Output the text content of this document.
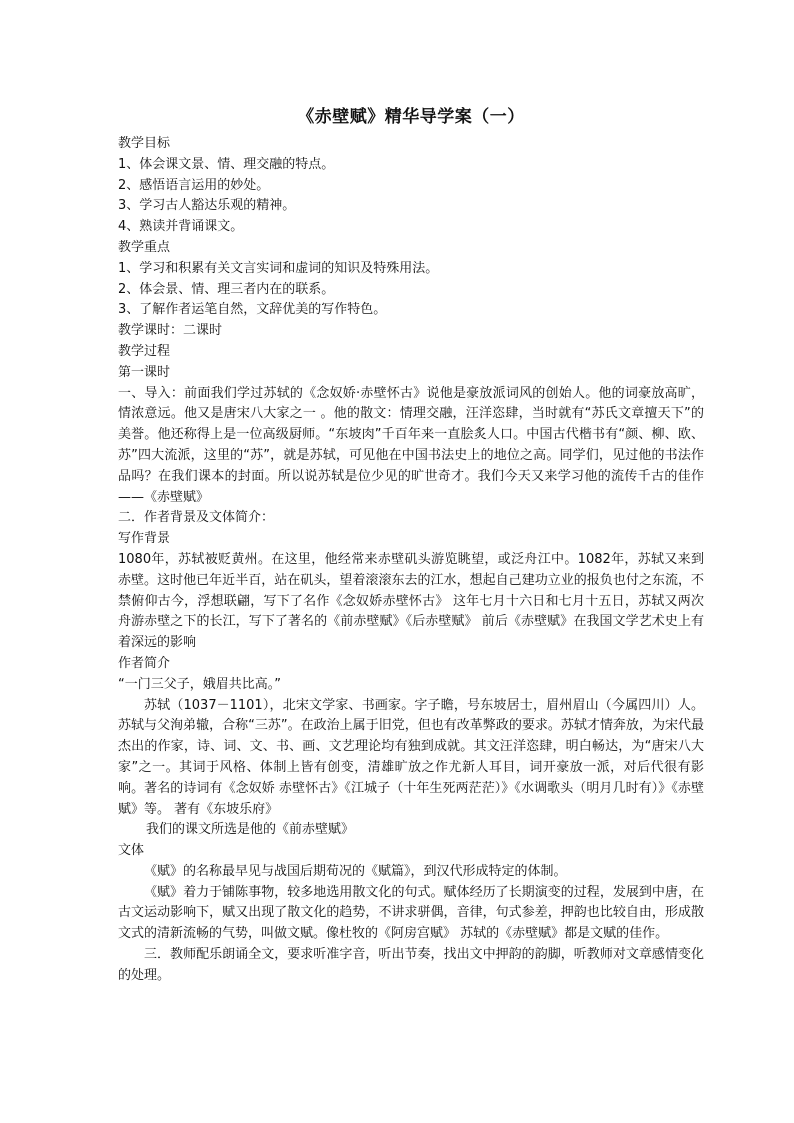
《赤壁赋》精华导学案（一）

教学目标

1、体会课文景、情、理交融的特点。

2、感悟语言运用的妙处。

3、学习古人豁达乐观的精神。

4、熟读并背诵课文。

教学重点

1、学习和积累有关文言实词和虚词的知识及特殊用法。

2、体会景、情、理三者内在的联系。

3、了解作者运笔自然，文辞优美的写作特色。

教学课时：二课时

教学过程

第一课时

一、导入：前面我们学过苏轼的《念奴娇·赤壁怀古》说他是豪放派词风的创始人。他的词豪放高旷，情浓意远。他又是唐宋八大家之一 。他的散文：情理交融，汪洋恣肆，当时就有“苏氏文章擅天下”的美誉。他还称得上是一位高级厨师。“东坡肉”千百年来一直脍炙人口。中国古代楷书有“颜、柳、欧、苏”四大流派，这里的“苏”，就是苏轼，可见他在中国书法史上的地位之高。同学们，见过他的书法作品吗？在我们课本的封面。所以说苏轼是位少见的旷世奇才。我们今天又来学习他的流传千古的佳作——《赤壁赋》

二．作者背景及文体简介：

写作背景

1080年，苏轼被贬黄州。在这里，他经常来赤壁矶头游览眺望，或泛舟江中。1082年，苏轼又来到赤壁。这时他已年近半百，站在矶头，望着滚滚东去的江水，想起自己建功立业的报负也付之东流，不禁俯仰古今，浮想联翩，写下了名作《念奴娇赤壁怀古》 这年七月十六日和七月十五日，苏轼又两次舟游赤壁之下的长江，写下了著名的《前赤壁赋》《后赤壁赋》 前后《赤壁赋》在我国文学艺术史上有着深远的影响

作者简介

“一门三父子，娥眉共比高。”

苏轼（1037－1101），北宋文学家、书画家。字子瞻，号东坡居士，眉州眉山（今属四川）人。苏轼与父洵弟辙，合称“三苏”。在政治上属于旧党，但也有改革弊政的要求。苏轼才情奔放，为宋代最杰出的作家，诗、词、文、书、画、文艺理论均有独到成就。其文汪洋恣肆，明白畅达，为“唐宋八大家”之一。其词于风格、体制上皆有创变，清雄旷放之作尤新人耳目，词开豪放一派，对后代很有影响。著名的诗词有《念奴娇 赤壁怀古》《江城子（十年生死两茫茫）》《水调歌头（明月几时有）》《赤壁赋》等。 著有《东坡乐府》

我们的课文所选是他的《前赤壁赋》

文体

《赋》的名称最早见与战国后期荀况的《赋篇》，到汉代形成特定的体制。

《赋》着力于铺陈事物，较多地选用散文化的句式。赋体经历了长期演变的过程，发展到中唐，在古文运动影响下，赋又出现了散文化的趋势，不讲求骈偶，音律，句式参差，押韵也比较自由，形成散文式的清新流畅的气势，叫做文赋。像杜牧的《阿房宫赋》 苏轼的《赤壁赋》都是文赋的佳作。

三．教师配乐朗诵全文，要求听准字音，听出节奏，找出文中押韵的韵脚，听教师对文章感情变化的处理。
